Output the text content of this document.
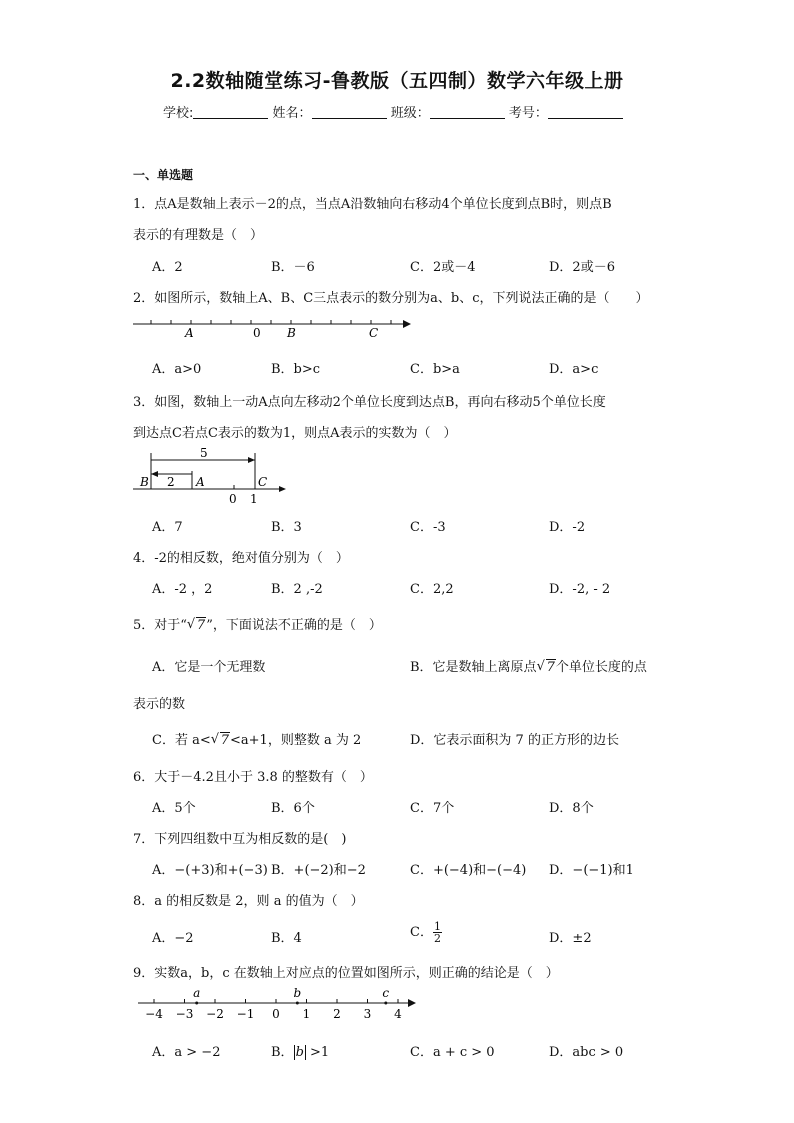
2.2数轴随堂练习-鲁教版（五四制）数学六年级上册
学校:	姓名：	班级：	考号：
一、单选题
1．点A是数轴上表示－2的点，当点A沿数轴向右移动4个单位长度到点B时，则点B
表示的有理数是（　）
A．2	B．－6	C．2或－4	D．2或－6
2．如图所示，数轴上A、B、C三点表示的数分别为a、b、c，下列说法正确的是（　　）
A	0 B	C
A．a>0	B．b>c	C．b>a	D．a>c
3．如图，数轴上一动A点向左移动2个单位长度到达点B，再向右移动5个单位长度
到达点C若点C表示的数为1，则点A表示的实数为（　）
5
2
B	A	C
0 1
A．7	B．3	C．-3	D．-2
4．-2的相反数，绝对值分别为（　）
A．-2 ，2	B．2 ,-2	C．2,2	D．-2, - 2
5．对于“ √ 7”，下面说法不正确的是（　）
A．它是一个无理数	B．它是数轴上离原点 √ 7个单位长度的点
表示的数
C．若 a< √ 7<a+1，则整数 a 为 2	D．它表示面积为 7 的正方形的边长
6．大于－4.2且小于 3.8 的整数有（　）
A．5个	B．6个	C．7个	D．8个
7．下列四组数中互为相反数的是(　)
A．−(+3)和+(−3) B．+(−2)和−2	C．+(−4)和−(−4) D．−(−1)和1
8．a 的相反数是 2，则 a 的值为（　）
A．−2	B．4	C． $\frac{1}{2}$	D．±2
9．实数a，b，c 在数轴上对应点的位置如图所示，则正确的结论是（　）
−4 −3 −2 −1 0 1 2 3 4
a	b	c
A．a > −2	B． b >1	C．a + c > 0	D．abc > 0
